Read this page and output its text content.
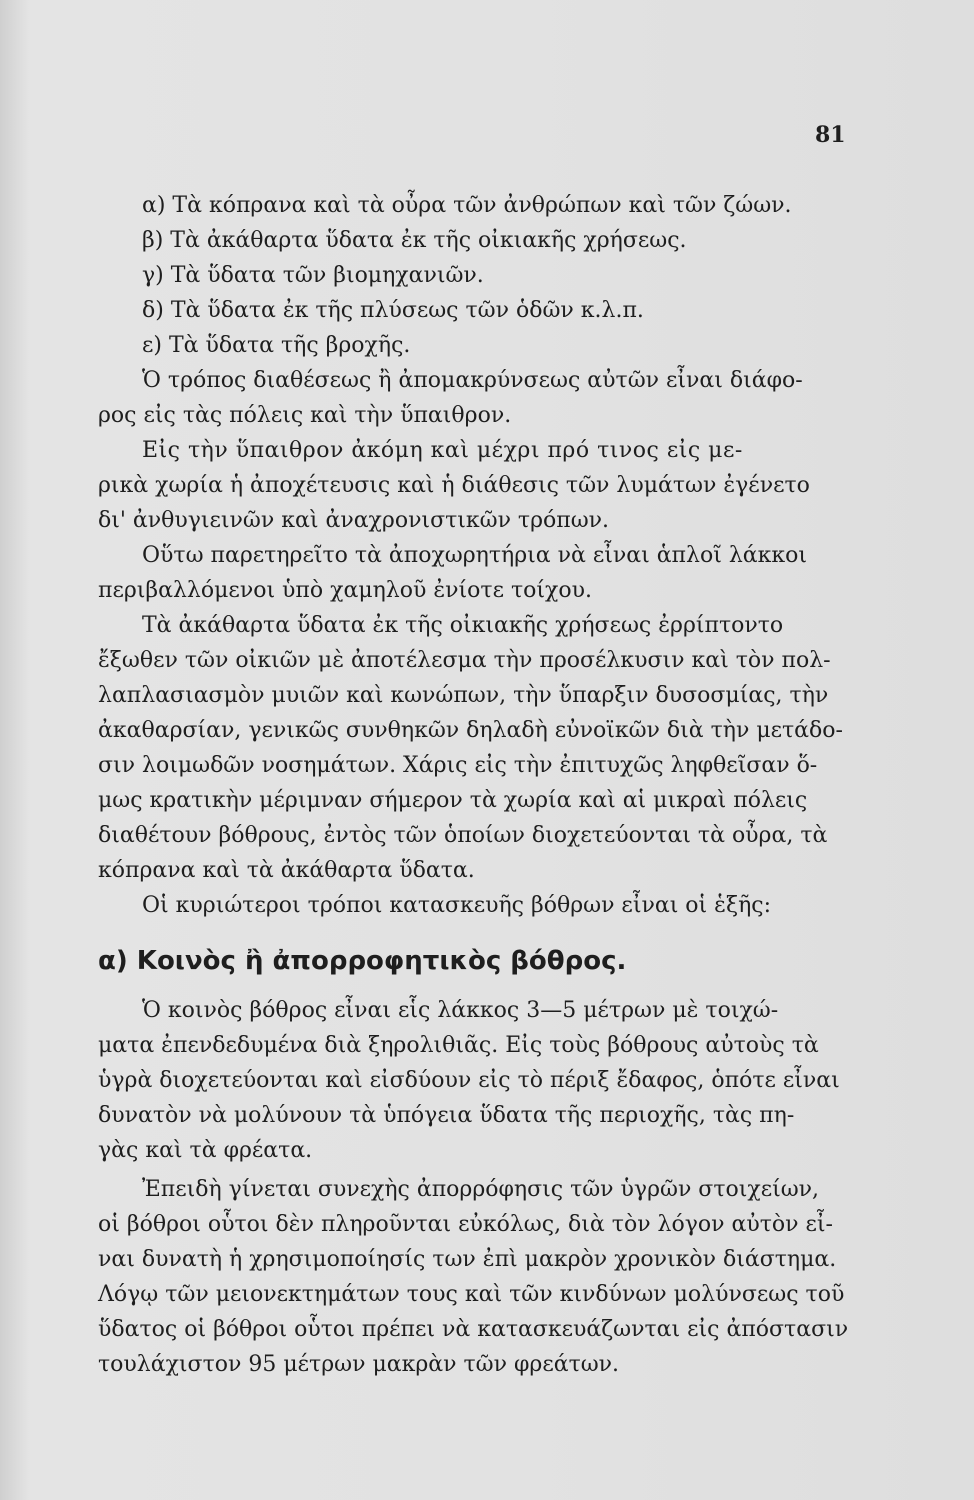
81
α) Τὰ κόπρανα καὶ τὰ οὖρα τῶν ἀνθρώπων καὶ τῶν ζώων.
β) Τὰ ἀκάθαρτα ὕδατα ἐκ τῆς οἰκιακῆς χρήσεως.
γ) Τὰ ὕδατα τῶν βιομηχανιῶν.
δ) Τὰ ὕδατα ἐκ τῆς πλύσεως τῶν ὁδῶν κ.λ.π.
ε) Τὰ ὕδατα τῆς βροχῆς.
Ὁ τρόπος διαθέσεως ἢ ἀπομακρύνσεως αὐτῶν εἶναι διάφο-
ρος εἰς τὰς πόλεις καὶ τὴν ὕπαιθρον.
Εἰς τὴν ὕπαιθρον ἀκόμη καὶ μέχρι πρό τινος εἰς με-
ρικὰ χωρία ἡ ἀποχέτευσις καὶ ἡ διάθεσις τῶν λυμάτων ἐγένετο
δι' ἀνθυγιεινῶν καὶ ἀναχρονιστικῶν τρόπων.
Οὕτω παρετηρεῖτο τὰ ἀποχωρητήρια νὰ εἶναι ἁπλοῖ λάκκοι
περιβαλλόμενοι ὑπὸ χαμηλοῦ ἐνίοτε τοίχου.
Τὰ ἀκάθαρτα ὕδατα ἐκ τῆς οἰκιακῆς χρήσεως ἐρρίπτοντο
ἔξωθεν τῶν οἰκιῶν μὲ ἀποτέλεσμα τὴν προσέλκυσιν καὶ τὸν πολ-
λαπλασιασμὸν μυιῶν καὶ κωνώπων, τὴν ὕπαρξιν δυσοσμίας, τὴν
ἀκαθαρσίαν, γενικῶς συνθηκῶν δηλαδὴ εὐνοϊκῶν διὰ τὴν μετάδο-
σιν λοιμωδῶν νοσημάτων. Χάρις εἰς τὴν ἐπιτυχῶς ληφθεῖσαν ὅ-
μως κρατικὴν μέριμναν σήμερον τὰ χωρία καὶ αἱ μικραὶ πόλεις
διαθέτουν βόθρους, ἐντὸς τῶν ὁποίων διοχετεύονται τὰ οὖρα, τὰ
κόπρανα καὶ τὰ ἀκάθαρτα ὕδατα.
Οἱ κυριώτεροι τρόποι κατασκευῆς βόθρων εἶναι οἱ ἑξῆς:
α) Κοινὸς ἢ ἀπορροφητικὸς βόθρος.
Ὁ κοινὸς βόθρος εἶναι εἷς λάκκος 3—5 μέτρων μὲ τοιχώ-
ματα ἐπενδεδυμένα διὰ ξηρολιθιᾶς. Εἰς τοὺς βόθρους αὐτοὺς τὰ
ὑγρὰ διοχετεύονται καὶ εἰσδύουν εἰς τὸ πέριξ ἔδαφος, ὁπότε εἶναι
δυνατὸν νὰ μολύνουν τὰ ὑπόγεια ὕδατα τῆς περιοχῆς, τὰς πη-
γὰς καὶ τὰ φρέατα.
Ἐπειδὴ γίνεται συνεχὴς ἀπορρόφησις τῶν ὑγρῶν στοιχείων,
οἱ βόθροι οὗτοι δὲν πληροῦνται εὐκόλως, διὰ τὸν λόγον αὐτὸν εἶ-
ναι δυνατὴ ἡ χρησιμοποίησίς των ἐπὶ μακρὸν χρονικὸν διάστημα.
Λόγῳ τῶν μειονεκτημάτων τους καὶ τῶν κινδύνων μολύνσεως τοῦ
ὕδατος οἱ βόθροι οὗτοι πρέπει νὰ κατασκευάζωνται εἰς ἀπόστασιν
τουλάχιστον 95 μέτρων μακρὰν τῶν φρεάτων.
